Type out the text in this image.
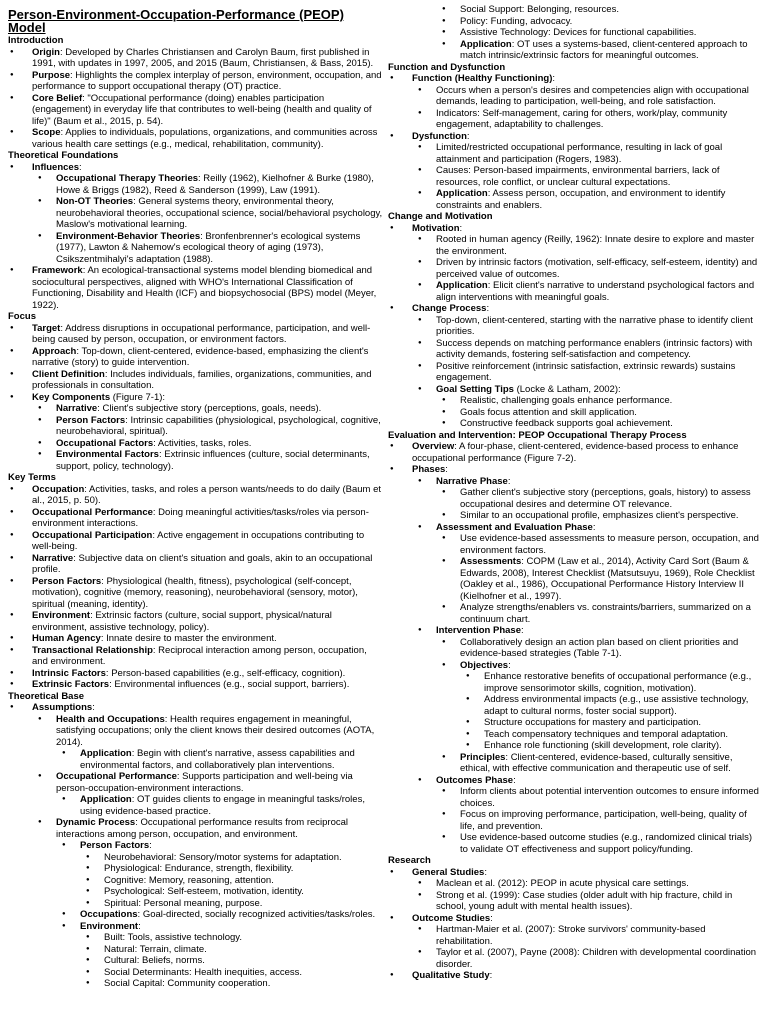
Person-Environment-Occupation-Performance (PEOP) Model
Introduction
● Origin: Developed by Charles Christiansen and Carolyn Baum, first published in 1991, with updates in 1997, 2005, and 2015 (Baum, Christiansen, & Bass, 2015).
● Purpose: Highlights the complex interplay of person, environment, occupation, and performance to support occupational therapy (OT) practice.
● Core Belief: "Occupational performance (doing) enables participation (engagement) in everyday life that contributes to well-being (health and quality of life)" (Baum et al., 2015, p. 54).
● Scope: Applies to individuals, populations, organizations, and communities across various health care settings (e.g., medical, rehabilitation, community).
Theoretical Foundations
● Influences:
● Occupational Therapy Theories: Reilly (1962), Kielhofner & Burke (1980), Howe & Briggs (1982), Reed & Sanderson (1999), Law (1991).
● Non-OT Theories: General systems theory, environmental theory, neurobehavioral theories, occupational science, social/behavioral psychology, Maslow's motivational learning.
● Environment-Behavior Theories: Bronfenbrenner's ecological systems (1977), Lawton & Nahemow's ecological theory of aging (1973), Csikszentmihalyi's adaptation (1988).
● Framework: An ecological-transactional systems model blending biomedical and sociocultural perspectives, aligned with WHO's International Classification of Functioning, Disability and Health (ICF) and biopsychosocial (BPS) model (Meyer, 1922).
Focus
● Target: Address disruptions in occupational performance, participation, and well-being caused by person, occupation, or environment factors.
● Approach: Top-down, client-centered, evidence-based, emphasizing the client's narrative (story) to guide intervention.
● Client Definition: Includes individuals, families, organizations, communities, and professionals in consultation.
● Key Components (Figure 7-1):
● Narrative: Client's subjective story (perceptions, goals, needs).
● Person Factors: Intrinsic capabilities (physiological, psychological, cognitive, neurobehavioral, spiritual).
● Occupational Factors: Activities, tasks, roles.
● Environmental Factors: Extrinsic influences (culture, social determinants, support, policy, technology).
Key Terms
● Occupation: Activities, tasks, and roles a person wants/needs to do daily (Baum et al., 2015, p. 50).
● Occupational Performance: Doing meaningful activities/tasks/roles via person-environment interactions.
● Occupational Participation: Active engagement in occupations contributing to well-being.
● Narrative: Subjective data on client's situation and goals, akin to an occupational profile.
● Person Factors: Physiological (health, fitness), psychological (self-concept, motivation), cognitive (memory, reasoning), neurobehavioral (sensory, motor), spiritual (meaning, identity).
● Environment: Extrinsic factors (culture, social support, physical/natural environment, assistive technology, policy).
● Human Agency: Innate desire to master the environment.
● Transactional Relationship: Reciprocal interaction among person, occupation, and environment.
● Intrinsic Factors: Person-based capabilities (e.g., self-efficacy, cognition).
● Extrinsic Factors: Environmental influences (e.g., social support, barriers).
Theoretical Base
● Assumptions:
● Health and Occupations: Health requires engagement in meaningful, satisfying occupations; only the client knows their desired outcomes (AOTA, 2014).
● Application: Begin with client's narrative, assess capabilities and environmental factors, and collaboratively plan interventions.
● Occupational Performance: Supports participation and well-being via person-occupation-environment interactions.
● Application: OT guides clients to engage in meaningful tasks/roles, using evidence-based practice.
● Dynamic Process: Occupational performance results from reciprocal interactions among person, occupation, and environment.
● Person Factors:
● Neurobehavioral: Sensory/motor systems for adaptation.
● Physiological: Endurance, strength, flexibility.
● Cognitive: Memory, reasoning, attention.
● Psychological: Self-esteem, motivation, identity.
● Spiritual: Personal meaning, purpose.
● Occupations: Goal-directed, socially recognized activities/tasks/roles.
● Environment:
● Built: Tools, assistive technology.
● Natural: Terrain, climate.
● Cultural: Beliefs, norms.
● Social Determinants: Health inequities, access.
● Social Capital: Community cooperation.
● Social Support: Belonging, resources.
● Policy: Funding, advocacy.
● Assistive Technology: Devices for functional capabilities.
● Application: OT uses a systems-based, client-centered approach to match intrinsic/extrinsic factors for meaningful outcomes.
Function and Dysfunction
● Function (Healthy Functioning):
● Occurs when a person's desires and competencies align with occupational demands, leading to participation, well-being, and role satisfaction.
● Indicators: Self-management, caring for others, work/play, community engagement, adaptability to challenges.
● Dysfunction:
● Limited/restricted occupational performance, resulting in lack of goal attainment and participation (Rogers, 1983).
● Causes: Person-based impairments, environmental barriers, lack of resources, role conflict, or unclear cultural expectations.
● Application: Assess person, occupation, and environment to identify constraints and enablers.
Change and Motivation
● Motivation:
● Rooted in human agency (Reilly, 1962): Innate desire to explore and master the environment.
● Driven by intrinsic factors (motivation, self-efficacy, self-esteem, identity) and perceived value of outcomes.
● Application: Elicit client's narrative to understand psychological factors and align interventions with meaningful goals.
● Change Process:
● Top-down, client-centered, starting with the narrative phase to identify client priorities.
● Success depends on matching performance enablers (intrinsic factors) with activity demands, fostering self-satisfaction and competency.
● Positive reinforcement (intrinsic satisfaction, extrinsic rewards) sustains engagement.
● Goal Setting Tips (Locke & Latham, 2002):
● Realistic, challenging goals enhance performance.
● Goals focus attention and skill application.
● Constructive feedback supports goal achievement.
Evaluation and Intervention: PEOP Occupational Therapy Process
● Overview: A four-phase, client-centered, evidence-based process to enhance occupational performance (Figure 7-2).
● Phases:
● Narrative Phase:
● Gather client's subjective story (perceptions, goals, history) to assess occupational desires and determine OT relevance.
● Similar to an occupational profile, emphasizes client's perspective.
● Assessment and Evaluation Phase:
● Use evidence-based assessments to measure person, occupation, and environment factors.
● Assessments: COPM (Law et al., 2014), Activity Card Sort (Baum & Edwards, 2008), Interest Checklist (Matsutsuyu, 1969), Role Checklist (Oakley et al., 1986), Occupational Performance History Interview II (Kielhofner et al., 1997).
● Analyze strengths/enablers vs. constraints/barriers, summarized on a continuum chart.
● Intervention Phase:
● Collaboratively design an action plan based on client priorities and evidence-based strategies (Table 7-1).
● Objectives:
● Enhance restorative benefits of occupational performance (e.g., improve sensorimotor skills, cognition, motivation).
● Address environmental impacts (e.g., use assistive technology, adapt to cultural norms, foster social support).
● Structure occupations for mastery and participation.
● Teach compensatory techniques and temporal adaptation.
● Enhance role functioning (skill development, role clarity).
● Principles: Client-centered, evidence-based, culturally sensitive, ethical, with effective communication and therapeutic use of self.
● Outcomes Phase:
● Inform clients about potential intervention outcomes to ensure informed choices.
● Focus on improving performance, participation, well-being, quality of life, and prevention.
● Use evidence-based outcome studies (e.g., randomized clinical trials) to validate OT effectiveness and support policy/funding.
Research
● General Studies:
● Maclean et al. (2012): PEOP in acute physical care settings.
● Strong et al. (1999): Case studies (older adult with hip fracture, child in school, young adult with mental health issues).
● Outcome Studies:
● Hartman-Maier et al. (2007): Stroke survivors' community-based rehabilitation.
● Taylor et al. (2007), Payne (2008): Children with developmental coordination disorder.
● Qualitative Study:
